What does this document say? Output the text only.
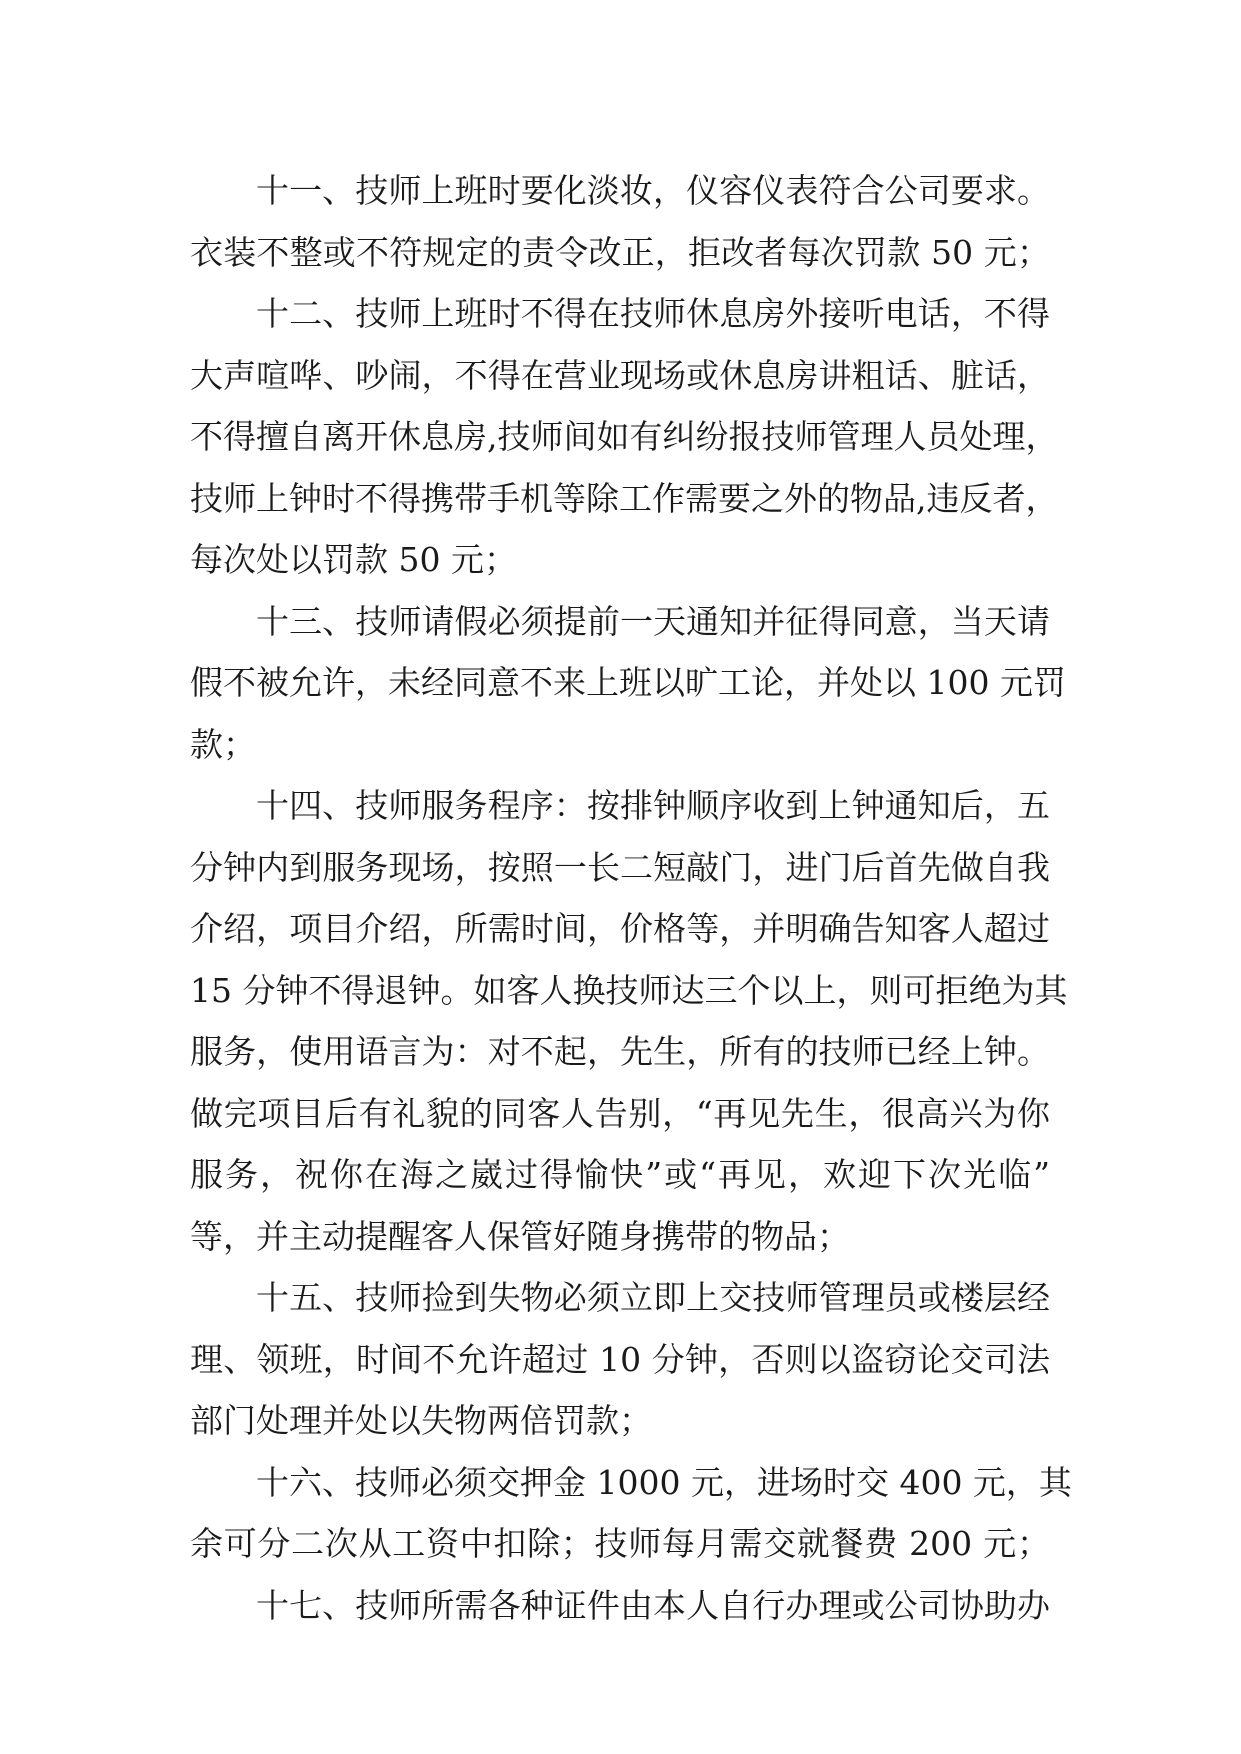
十一、技师上班时要化淡妆，仪容仪表符合公司要求。
衣装不整或不符规定的责令改正，拒改者每次罚款 50 元；
十二、技师上班时不得在技师休息房外接听电话，不得
大声喧哗、吵闹，不得在营业现场或休息房讲粗话、脏话，
不得擅自离开休息房,技师间如有纠纷报技师管理人员处理，
技师上钟时不得携带手机等除工作需要之外的物品,违反者，
每次处以罚款 50 元；
十三、技师请假必须提前一天通知并征得同意，当天请
假不被允许，未经同意不来上班以旷工论，并处以 100 元罚
款；
十四、技师服务程序：按排钟顺序收到上钟通知后，五
分钟内到服务现场，按照一长二短敲门，进门后首先做自我
介绍，项目介绍，所需时间，价格等，并明确告知客人超过
15 分钟不得退钟。如客人换技师达三个以上，则可拒绝为其
服务，使用语言为：对不起，先生，所有的技师已经上钟。
做完项目后有礼貌的同客人告别，“再见先生，很高兴为你
服务，祝你在海之崴过得愉快”或“再见，欢迎下次光临”
等，并主动提醒客人保管好随身携带的物品；
十五、技师捡到失物必须立即上交技师管理员或楼层经
理、领班，时间不允许超过 10 分钟，否则以盗窃论交司法
部门处理并处以失物两倍罚款；
十六、技师必须交押金 1000 元，进场时交 400 元，其
余可分二次从工资中扣除；技师每月需交就餐费 200 元；
十七、技师所需各种证件由本人自行办理或公司协助办
